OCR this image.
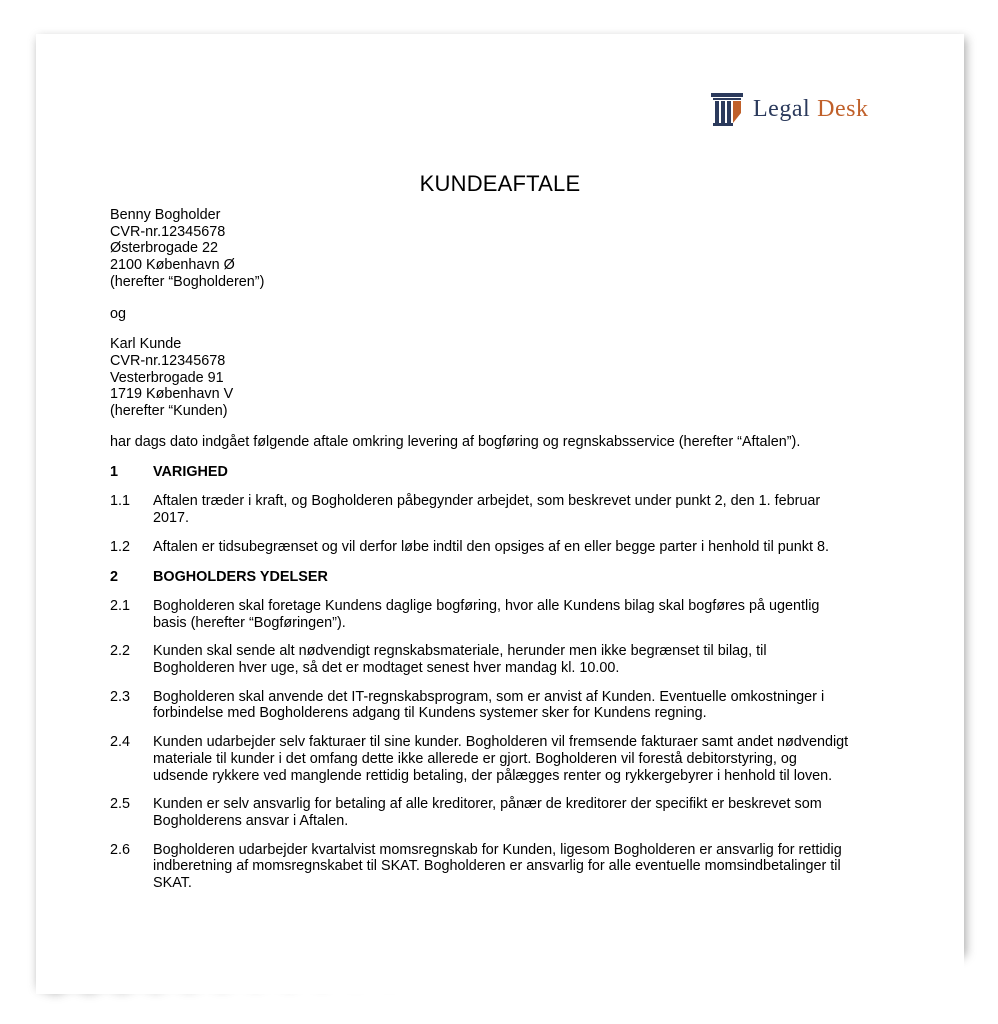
Legal Desk
KUNDEAFTALE
Benny Bogholder
CVR-nr.12345678
Østerbrogade 22
2100 København Ø
(herefter “Bogholderen”)
og
Karl Kunde
CVR-nr.12345678
Vesterbrogade 91
1719 København V
(herefter “Kunden)
har dags dato indgået følgende aftale omkring levering af bogføring og regnskabsservice (herefter “Aftalen”).
1	VARIGHED
1.1	Aftalen træder i kraft, og Bogholderen påbegynder arbejdet, som beskrevet under punkt 2, den 1. februar 2017.
1.2	Aftalen er tidsubegrænset og vil derfor løbe indtil den opsiges af en eller begge parter i henhold til punkt 8.
2	BOGHOLDERS YDELSER
2.1	Bogholderen skal foretage Kundens daglige bogføring, hvor alle Kundens bilag skal bogføres på ugentlig basis (herefter “Bogføringen”).
2.2	Kunden skal sende alt nødvendigt regnskabsmateriale, herunder men ikke begrænset til bilag, til Bogholderen hver uge, så det er modtaget senest hver mandag kl. 10.00.
2.3	Bogholderen skal anvende det IT-regnskabsprogram, som er anvist af Kunden. Eventuelle omkostninger i forbindelse med Bogholderens adgang til Kundens systemer sker for Kundens regning.
2.4	Kunden udarbejder selv fakturaer til sine kunder. Bogholderen vil fremsende fakturaer samt andet nødvendigt materiale til kunder i det omfang dette ikke allerede er gjort. Bogholderen vil forestå debitorstyring, og udsende rykkere ved manglende rettidig betaling, der pålægges renter og rykkergebyrer i henhold til loven.
2.5	Kunden er selv ansvarlig for betaling af alle kreditorer, pånær de kreditorer der specifikt er beskrevet som Bogholderens ansvar i Aftalen.
2.6	Bogholderen udarbejder kvartalvist momsregnskab for Kunden, ligesom Bogholderen er ansvarlig for rettidig indberetning af momsregnskabet til SKAT. Bogholderen er ansvarlig for alle eventuelle momsindbetalinger til SKAT.
